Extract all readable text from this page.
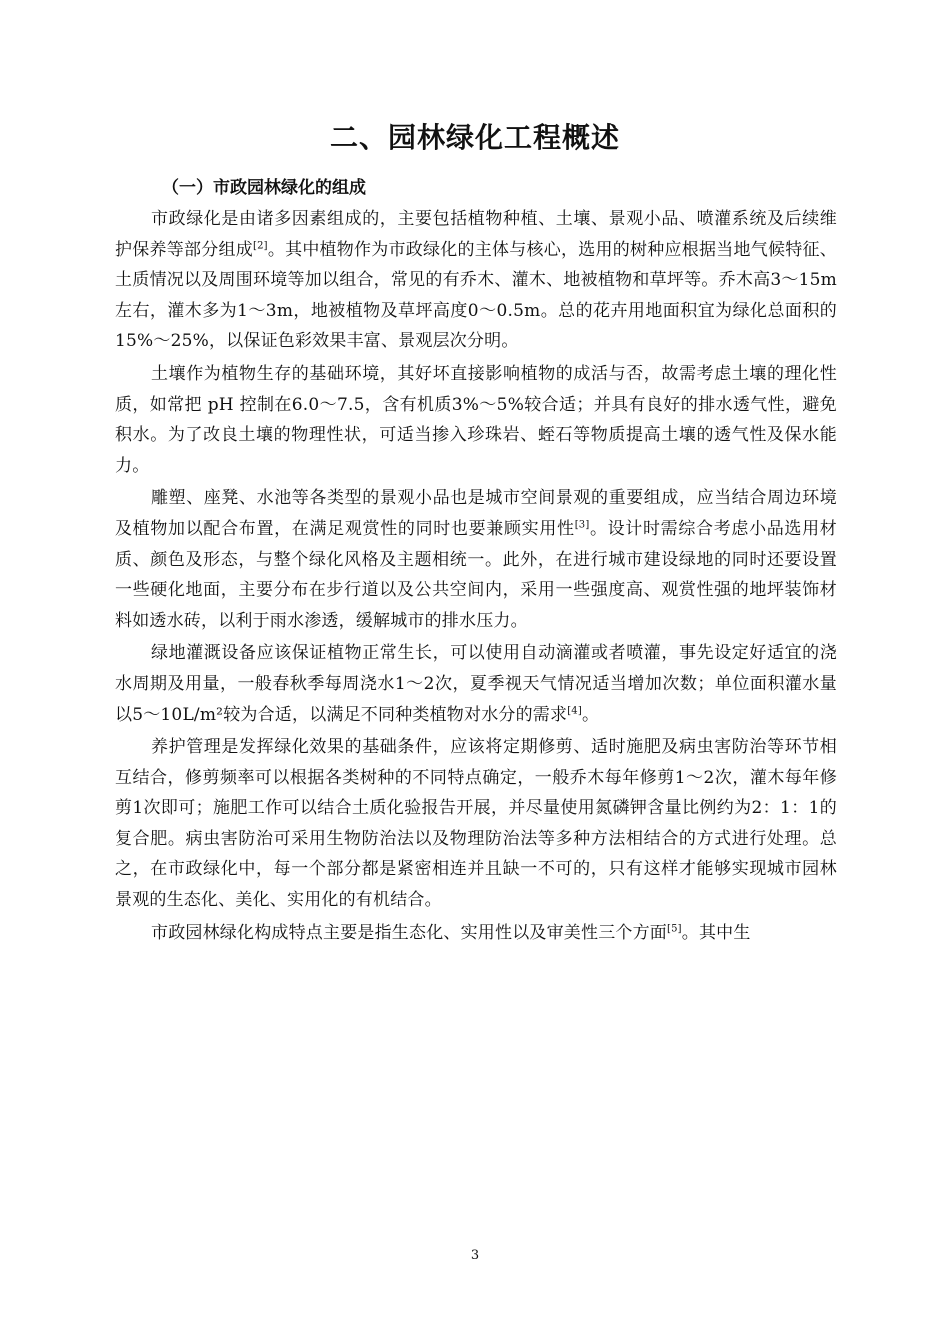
二、园林绿化工程概述
（一）市政园林绿化的组成

市政绿化是由诸多因素组成的，主要包括植物种植、土壤、景观小品、喷灌系统及后续维护保养等部分组成[2]。其中植物作为市政绿化的主体与核心，选用的树种应根据当地气候特征、土质情况以及周围环境等加以组合，常见的有乔木、灌木、地被植物和草坪等。乔木高3～15m左右，灌木多为1～3m，地被植物及草坪高度0～0.5m。总的花卉用地面积宜为绿化总面积的15%～25%，以保证色彩效果丰富、景观层次分明。

土壤作为植物生存的基础环境，其好坏直接影响植物的成活与否，故需考虑土壤的理化性质，如常把 pH 控制在6.0～7.5，含有机质3%～5%较合适；并具有良好的排水透气性，避免积水。为了改良土壤的物理性状，可适当掺入珍珠岩、蛭石等物质提高土壤的透气性及保水能力。

雕塑、座凳、水池等各类型的景观小品也是城市空间景观的重要组成，应当结合周边环境及植物加以配合布置，在满足观赏性的同时也要兼顾实用性[3]。设计时需综合考虑小品选用材质、颜色及形态，与整个绿化风格及主题相统一。此外，在进行城市建设绿地的同时还要设置一些硬化地面，主要分布在步行道以及公共空间内，采用一些强度高、观赏性强的地坪装饰材料如透水砖，以利于雨水渗透，缓解城市的排水压力。

绿地灌溉设备应该保证植物正常生长，可以使用自动滴灌或者喷灌，事先设定好适宜的浇水周期及用量，一般春秋季每周浇水1～2次，夏季视天气情况适当增加次数；单位面积灌水量以5～10L/m²较为合适，以满足不同种类植物对水分的需求[4]。

养护管理是发挥绿化效果的基础条件，应该将定期修剪、适时施肥及病虫害防治等环节相互结合，修剪频率可以根据各类树种的不同特点确定，一般乔木每年修剪1～2次，灌木每年修剪1次即可；施肥工作可以结合土质化验报告开展，并尽量使用氮磷钾含量比例约为2：1：1的复合肥。病虫害防治可采用生物防治法以及物理防治法等多种方法相结合的方式进行处理。总之，在市政绿化中，每一个部分都是紧密相连并且缺一不可的，只有这样才能够实现城市园林景观的生态化、美化、实用化的有机结合。

市政园林绿化构成特点主要是指生态化、实用性以及审美性三个方面[5]。其中生

3
